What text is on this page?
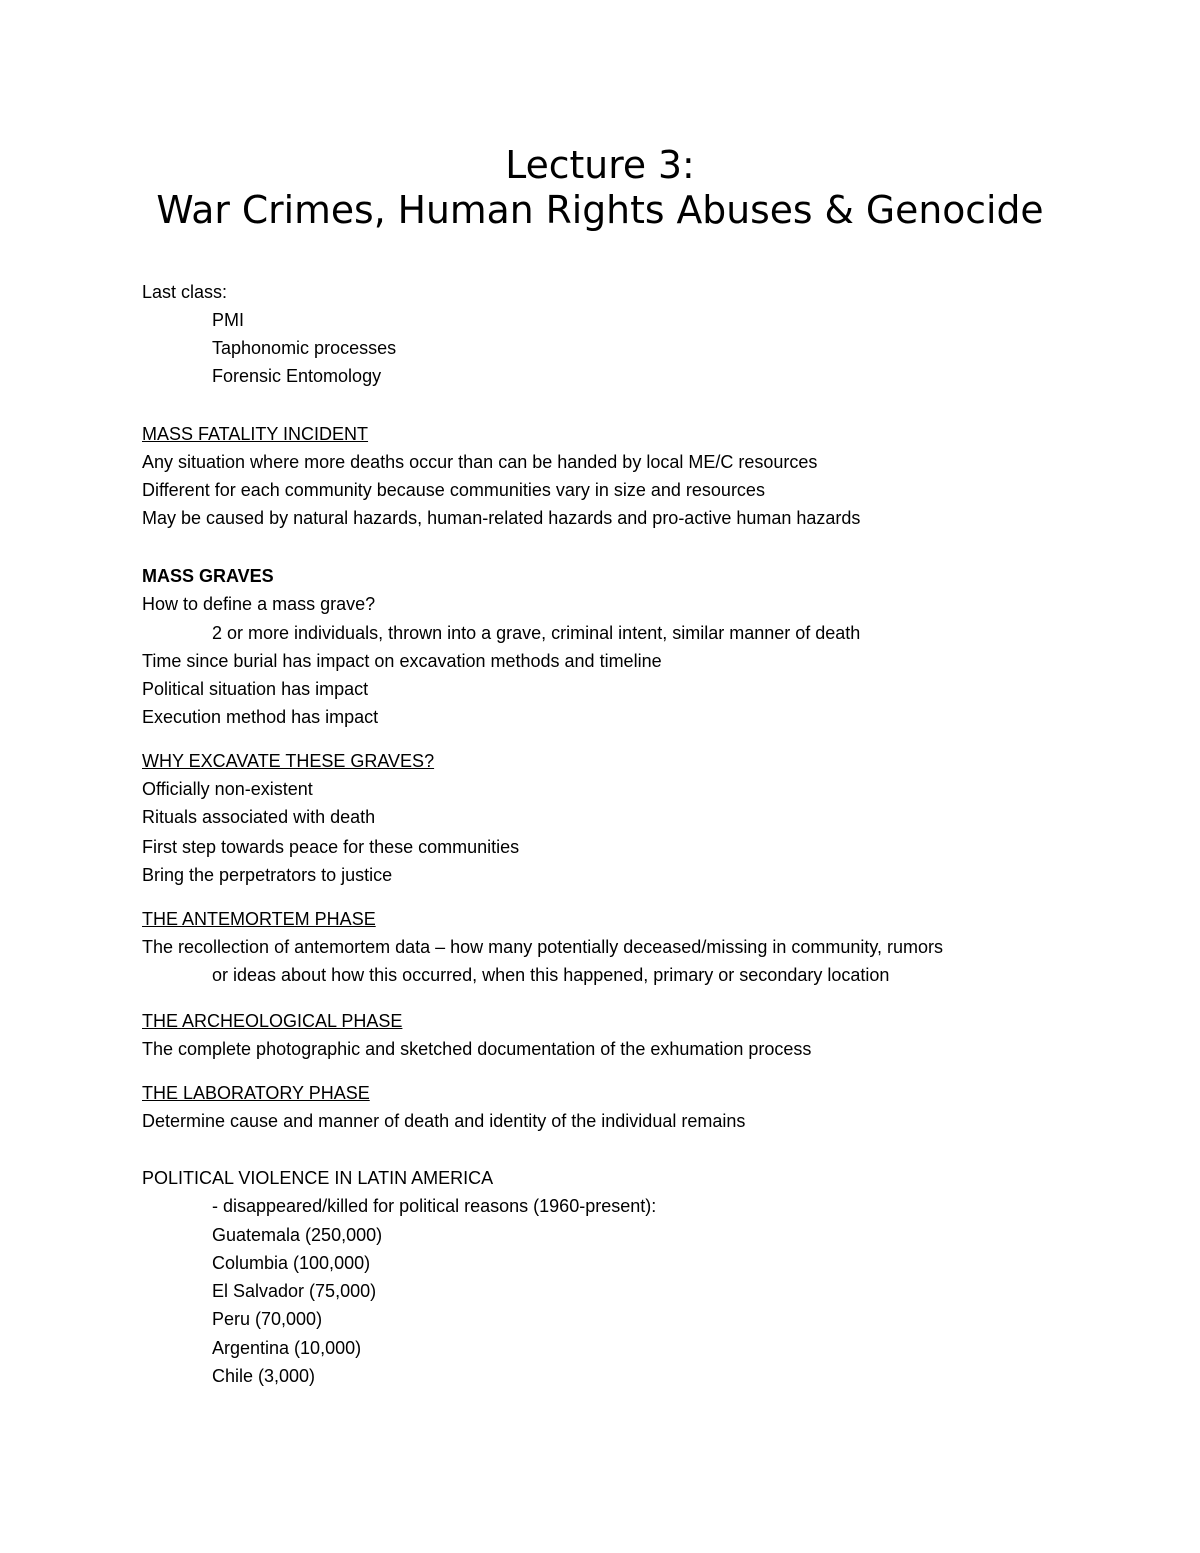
Lecture 3:
War Crimes, Human Rights Abuses & Genocide
Last class:
PMI
Taphonomic processes
Forensic Entomology
MASS FATALITY INCIDENT
Any situation where more deaths occur than can be handed by local ME/C resources
Different for each community because communities vary in size and resources
May be caused by natural hazards, human-related hazards and pro-active human hazards
MASS GRAVES
How to define a mass grave?
2 or more individuals, thrown into a grave, criminal intent, similar manner of death
Time since burial has impact on excavation methods and timeline
Political situation has impact
Execution method has impact
WHY EXCAVATE THESE GRAVES?
Officially non-existent
Rituals associated with death
First step towards peace for these communities
Bring the perpetrators to justice
THE ANTEMORTEM PHASE
The recollection of antemortem data – how many potentially deceased/missing in community, rumors
or ideas about how this occurred, when this happened, primary or secondary location
THE ARCHEOLOGICAL PHASE
The complete photographic and sketched documentation of the exhumation process
THE LABORATORY PHASE
Determine cause and manner of death and identity of the individual remains
POLITICAL VIOLENCE IN LATIN AMERICA
- disappeared/killed for political reasons (1960-present):
Guatemala (250,000)
Columbia (100,000)
El Salvador (75,000)
Peru (70,000)
Argentina (10,000)
Chile (3,000)
